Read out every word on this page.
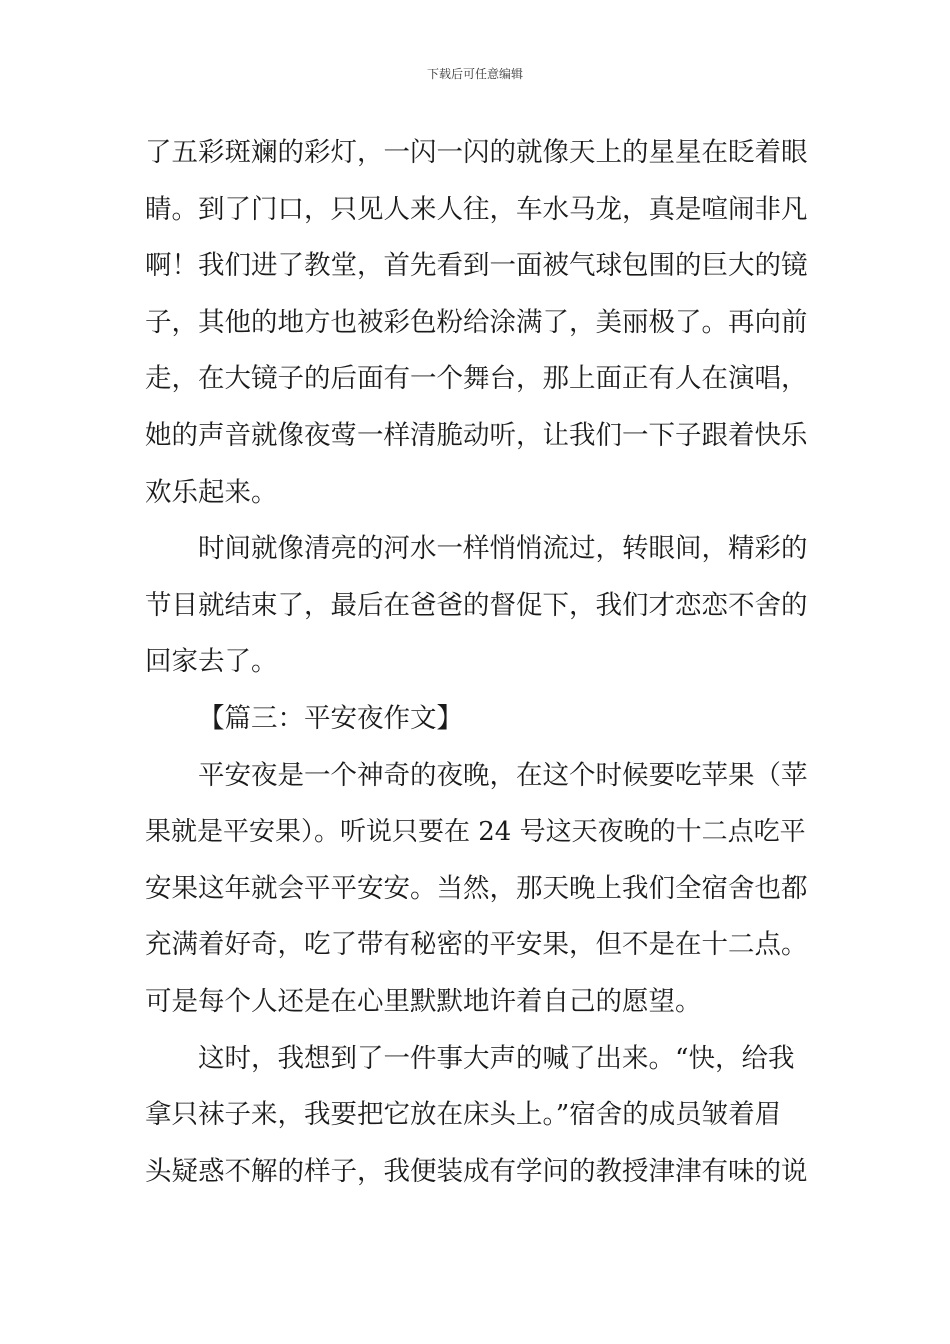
下载后可任意编辑
了五彩斑斓的彩灯，一闪一闪的就像天上的星星在眨着眼
睛。到了门口，只见人来人往，车水马龙，真是喧闹非凡
啊！我们进了教堂，首先看到一面被气球包围的巨大的镜
子，其他的地方也被彩色粉给涂满了，美丽极了。再向前
走，在大镜子的后面有一个舞台，那上面正有人在演唱，
她的声音就像夜莺一样清脆动听，让我们一下子跟着快乐
欢乐起来。
时间就像清亮的河水一样悄悄流过，转眼间，精彩的
节目就结束了，最后在爸爸的督促下，我们才恋恋不舍的
回家去了。
【篇三：平安夜作文】
平安夜是一个神奇的夜晚，在这个时候要吃苹果（苹
果就是平安果）。听说只要在 24 号这天夜晚的十二点吃平
安果这年就会平平安安。当然，那天晚上我们全宿舍也都
充满着好奇，吃了带有秘密的平安果，但不是在十二点。
可是每个人还是在心里默默地许着自己的愿望。
这时，我想到了一件事大声的喊了出来。“快，给我
拿只袜子来，我要把它放在床头上。”宿舍的成员皱着眉
头疑惑不解的样子，我便装成有学问的教授津津有味的说
